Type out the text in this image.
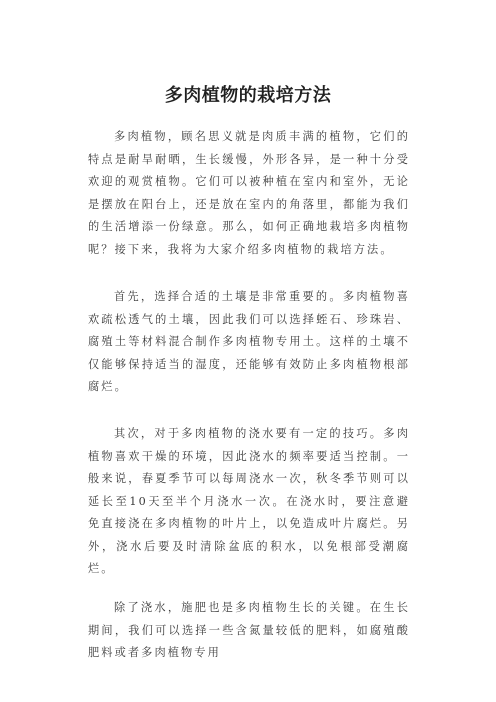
多肉植物的栽培方法

多肉植物，顾名思义就是肉质丰满的植物，它们的特点是耐旱耐晒，生长缓慢，外形各异，是一种十分受欢迎的观赏植物。它们可以被种植在室内和室外，无论是摆放在阳台上，还是放在室内的角落里，都能为我们的生活增添一份绿意。那么，如何正确地栽培多肉植物呢？接下来，我将为大家介绍多肉植物的栽培方法。

首先，选择合适的土壤是非常重要的。多肉植物喜欢疏松透气的土壤，因此我们可以选择蛭石、珍珠岩、腐殖土等材料混合制作多肉植物专用土。这样的土壤不仅能够保持适当的湿度，还能够有效防止多肉植物根部腐烂。

其次，对于多肉植物的浇水要有一定的技巧。多肉植物喜欢干燥的环境，因此浇水的频率要适当控制。一般来说，春夏季节可以每周浇水一次，秋冬季节则可以延长至10天至半个月浇水一次。在浇水时，要注意避免直接浇在多肉植物的叶片上，以免造成叶片腐烂。另外，浇水后要及时清除盆底的积水，以免根部受潮腐烂。

除了浇水，施肥也是多肉植物生长的关键。在生长期间，我们可以选择一些含氮量较低的肥料，如腐殖酸肥料或者多肉植物专用
